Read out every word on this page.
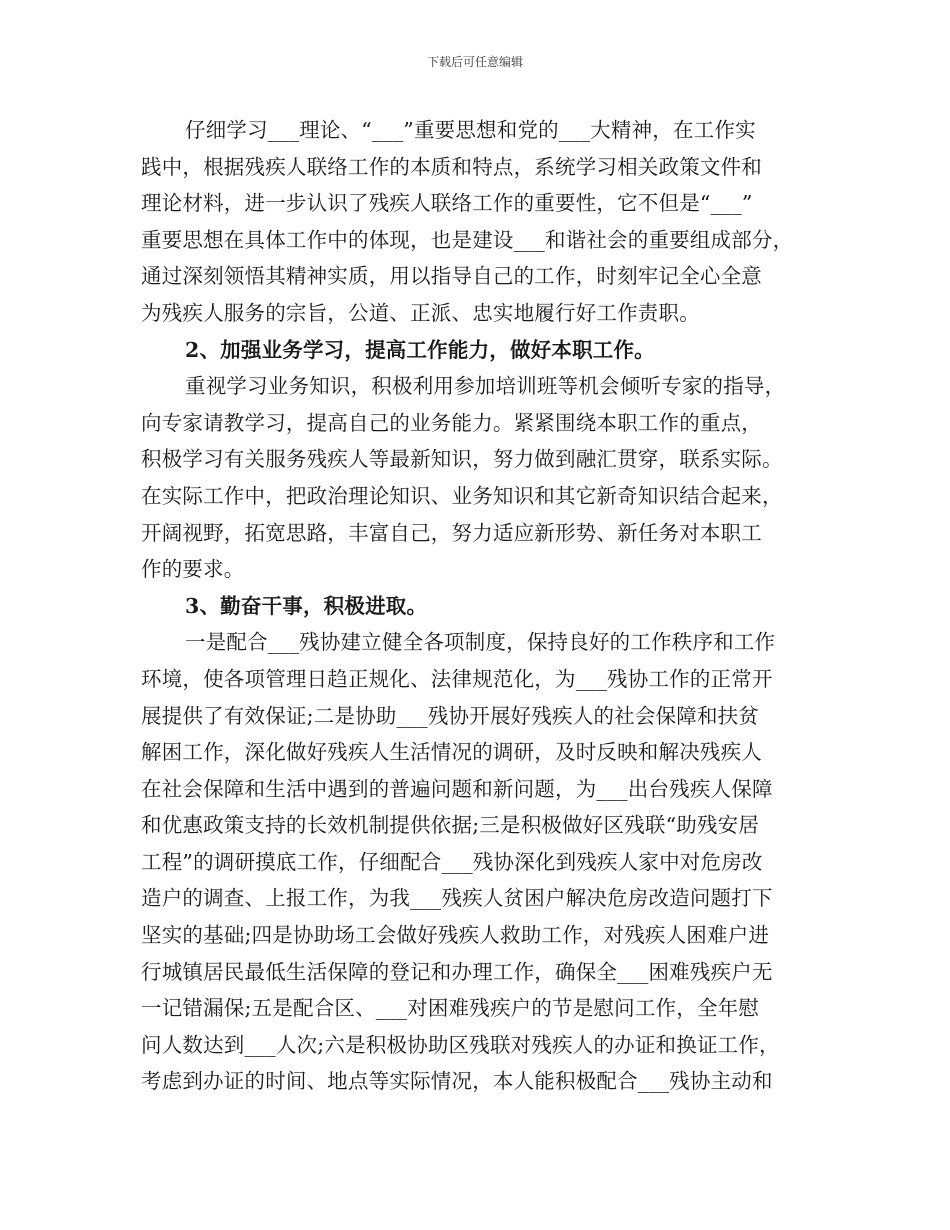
下载后可任意编辑
仔细学习___理论、“___”重要思想和党的___大精神，在工作实
践中，根据残疾人联络工作的本质和特点，系统学习相关政策文件和
理论材料，进一步认识了残疾人联络工作的重要性，它不但是“___”
重要思想在具体工作中的体现，也是建设___和谐社会的重要组成部分，
通过深刻领悟其精神实质，用以指导自己的工作，时刻牢记全心全意
为残疾人服务的宗旨，公道、正派、忠实地履行好工作责职。
2、加强业务学习，提高工作能力，做好本职工作。
重视学习业务知识，积极利用参加培训班等机会倾听专家的指导，
向专家请教学习，提高自己的业务能力。紧紧围绕本职工作的重点，
积极学习有关服务残疾人等最新知识，努力做到融汇贯穿，联系实际。
在实际工作中，把政治理论知识、业务知识和其它新奇知识结合起来，
开阔视野，拓宽思路，丰富自己，努力适应新形势、新任务对本职工
作的要求。
3、勤奋干事，积极进取。
一是配合___残协建立健全各项制度，保持良好的工作秩序和工作
环境，使各项管理日趋正规化、法律规范化，为___残协工作的正常开
展提供了有效保证;二是协助___残协开展好残疾人的社会保障和扶贫
解困工作，深化做好残疾人生活情况的调研，及时反映和解决残疾人
在社会保障和生活中遇到的普遍问题和新问题，为___出台残疾人保障
和优惠政策支持的长效机制提供依据;三是积极做好区残联“助残安居
工程”的调研摸底工作，仔细配合___残协深化到残疾人家中对危房改
造户的调查、上报工作，为我___残疾人贫困户解决危房改造问题打下
坚实的基础;四是协助场工会做好残疾人救助工作，对残疾人困难户进
行城镇居民最低生活保障的登记和办理工作，确保全___困难残疾户无
一记错漏保;五是配合区、___对困难残疾户的节是慰问工作，全年慰
问人数达到___人次;六是积极协助区残联对残疾人的办证和换证工作，
考虑到办证的时间、地点等实际情况，本人能积极配合___残协主动和
